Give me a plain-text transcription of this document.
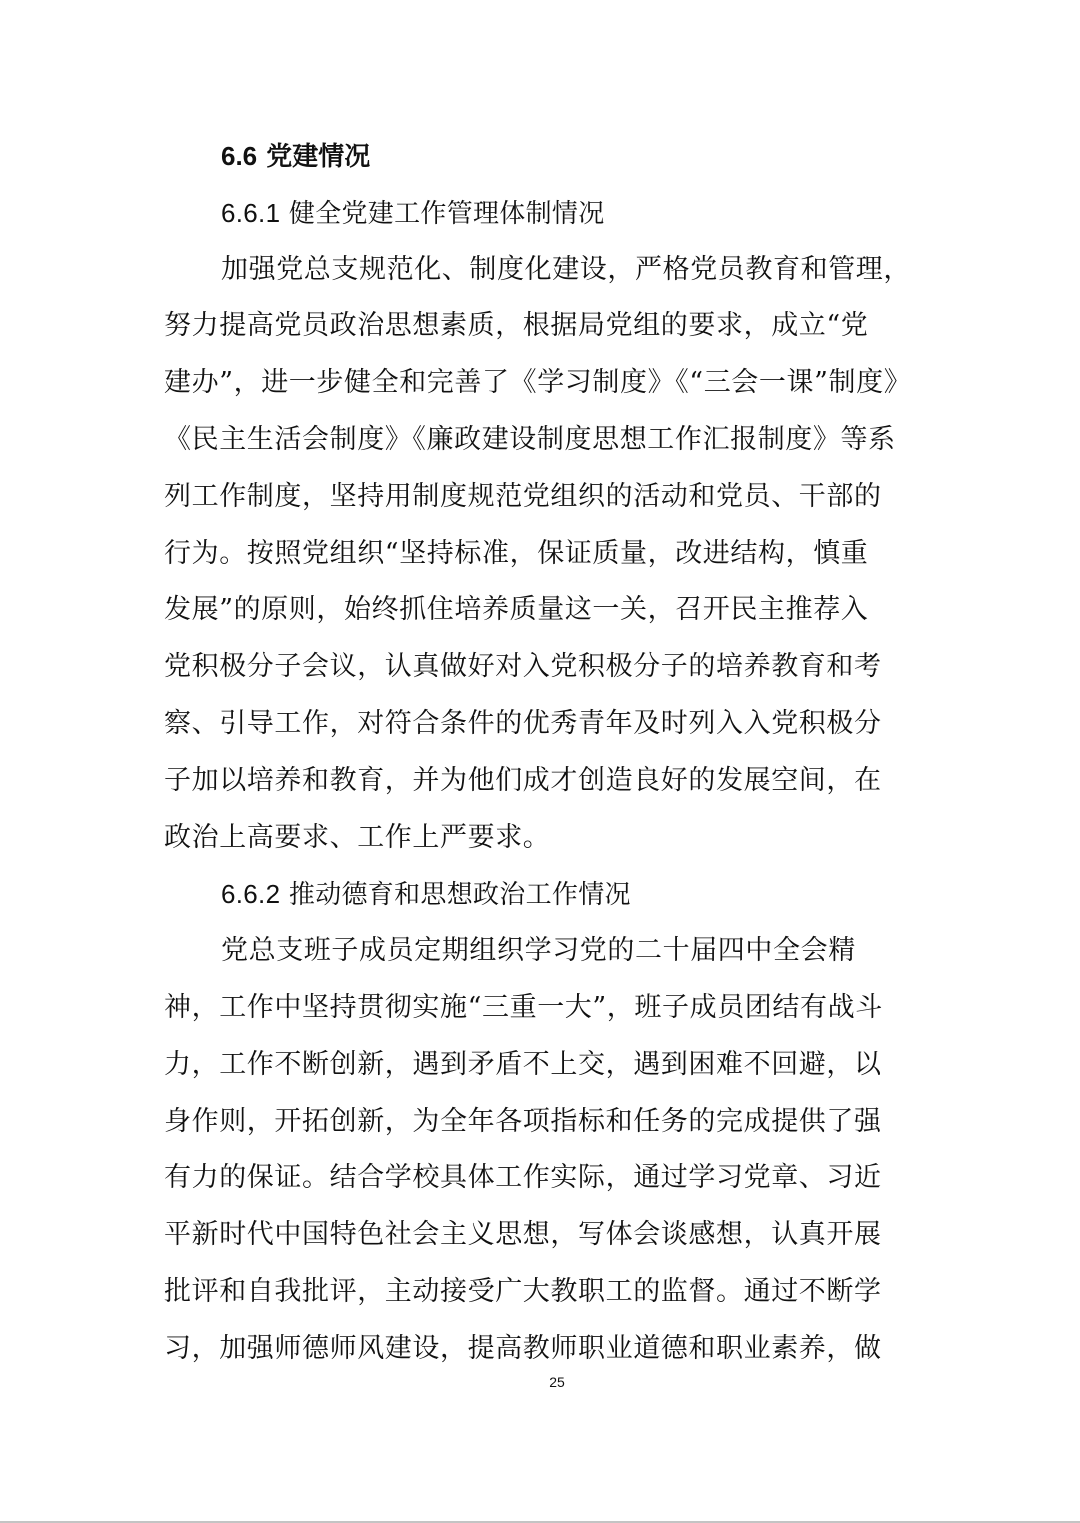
6.6 党建情况
6.6.1 健全党建工作管理体制情况
加强党总支规范化、制度化建设，严格党员教育和管理，
努力提高党员政治思想素质，根据局党组的要求，成立“党
建办”，进一步健全和完善了《学习制度》《“三会一课”制度》
《民主生活会制度》《廉政建设制度思想工作汇报制度》等系
列工作制度，坚持用制度规范党组织的活动和党员、干部的
行为。按照党组织“坚持标准，保证质量，改进结构，慎重
发展”的原则，始终抓住培养质量这一关，召开民主推荐入
党积极分子会议，认真做好对入党积极分子的培养教育和考
察、引导工作，对符合条件的优秀青年及时列入入党积极分
子加以培养和教育，并为他们成才创造良好的发展空间，在
政治上高要求、工作上严要求。
6.6.2 推动德育和思想政治工作情况
党总支班子成员定期组织学习党的二十届四中全会精
神，工作中坚持贯彻实施“三重一大”，班子成员团结有战斗
力，工作不断创新，遇到矛盾不上交，遇到困难不回避，以
身作则，开拓创新，为全年各项指标和任务的完成提供了强
有力的保证。结合学校具体工作实际，通过学习党章、习近
平新时代中国特色社会主义思想，写体会谈感想，认真开展
批评和自我批评，主动接受广大教职工的监督。通过不断学
习，加强师德师风建设，提高教师职业道德和职业素养，做
25
